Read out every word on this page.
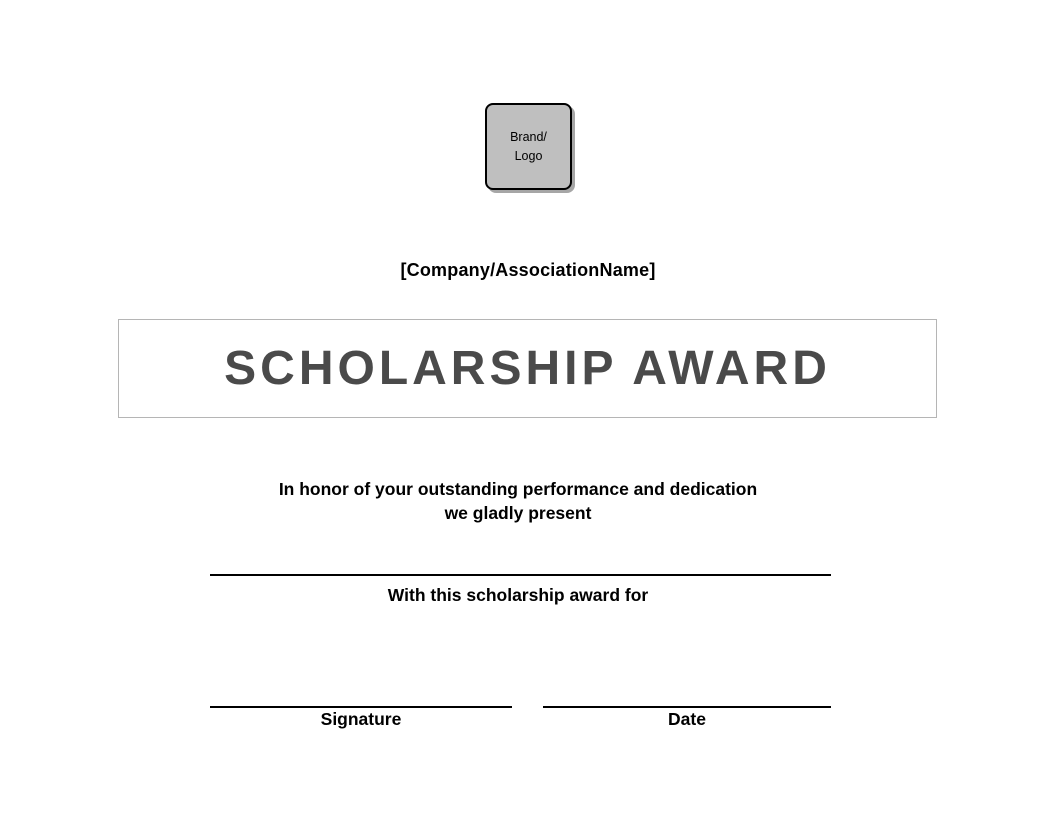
Brand/
Logo
[Company/AssociationName]
SCHOLARSHIP AWARD
In honor of your outstanding performance and dedication
we gladly present
With this scholarship award for
Signature	Date
